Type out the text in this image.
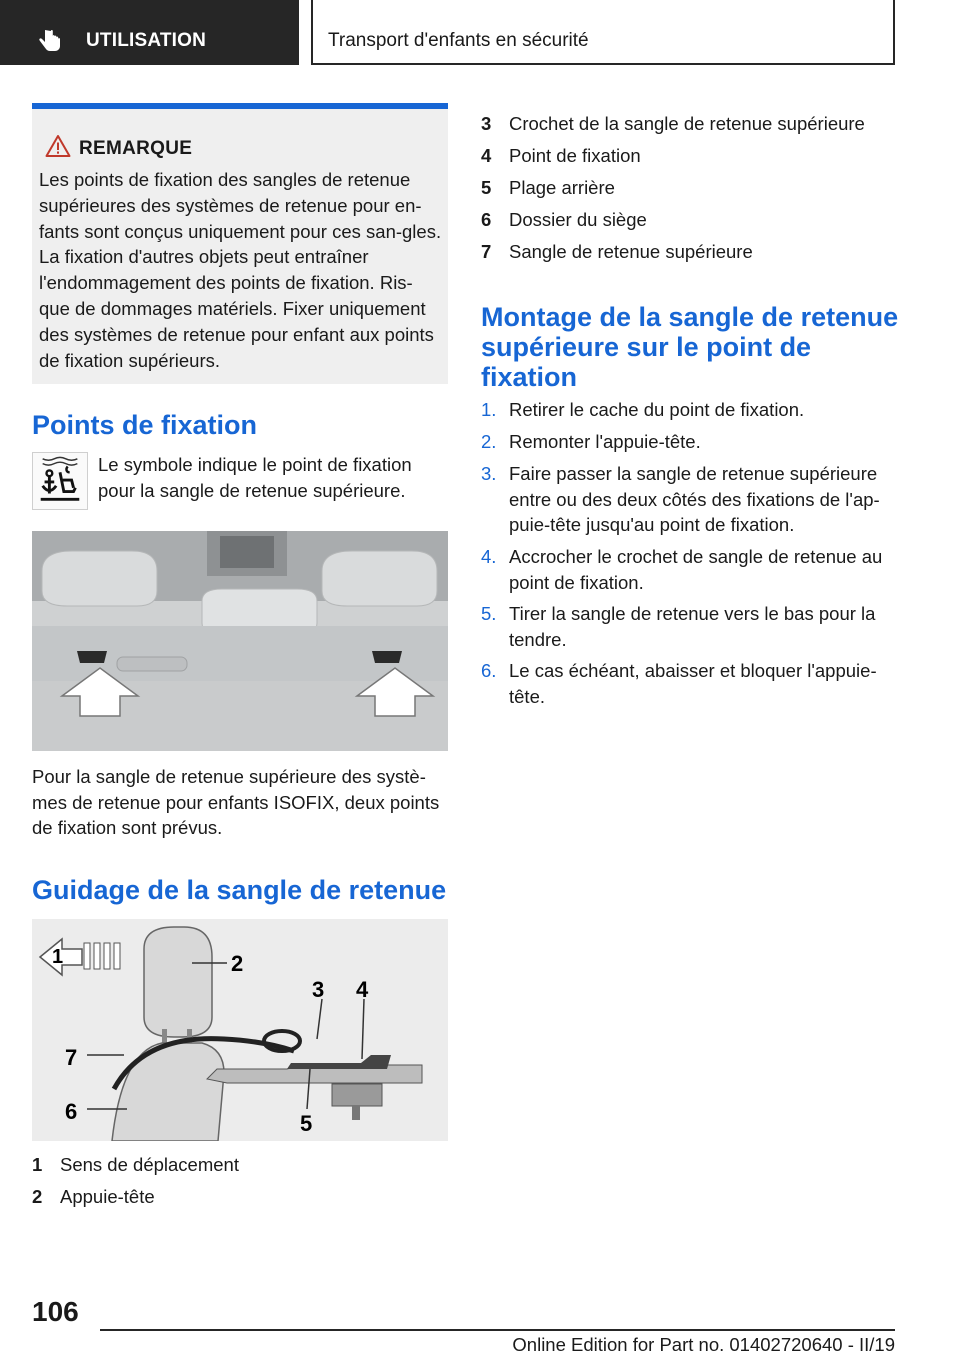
UTILISATION	Transport d'enfants en sécurité
REMARQUE

Les points de fixation des sangles de retenue supérieures des systèmes de retenue pour en-fants sont conçus uniquement pour ces san-gles. La fixation d'autres objets peut entraîner l'endommagement des points de fixation. Ris-que de dommages matériels. Fixer uniquement des systèmes de retenue pour enfant aux points de fixation supérieurs.

Points de fixation

Le symbole indique le point de fixation pour la sangle de retenue supérieure.

Pour la sangle de retenue supérieure des systè-mes de retenue pour enfants ISOFIX, deux points de fixation sont prévus.

Guidage de la sangle de retenue
1	2
3 4
5
6
7
1 Sens de déplacement
2 Appuie-tête
3 Crochet de la sangle de retenue supérieure
4 Point de fixation
5 Plage arrière
6 Dossier du siège
7 Sangle de retenue supérieure
Montage de la sangle de retenue supérieure sur le point de fixation
1. Retirer le cache du point de fixation.
2. Remonter l'appuie-tête.
3. Faire passer la sangle de retenue supérieure entre ou des deux côtés des fixations de l'ap-puie-tête jusqu'au point de fixation.
4. Accrocher le crochet de sangle de retenue au point de fixation.
5. Tirer la sangle de retenue vers le bas pour la tendre.
6. Le cas échéant, abaisser et bloquer l'appuie-tête.
106
Online Edition for Part no. 01402720640 - II/19
